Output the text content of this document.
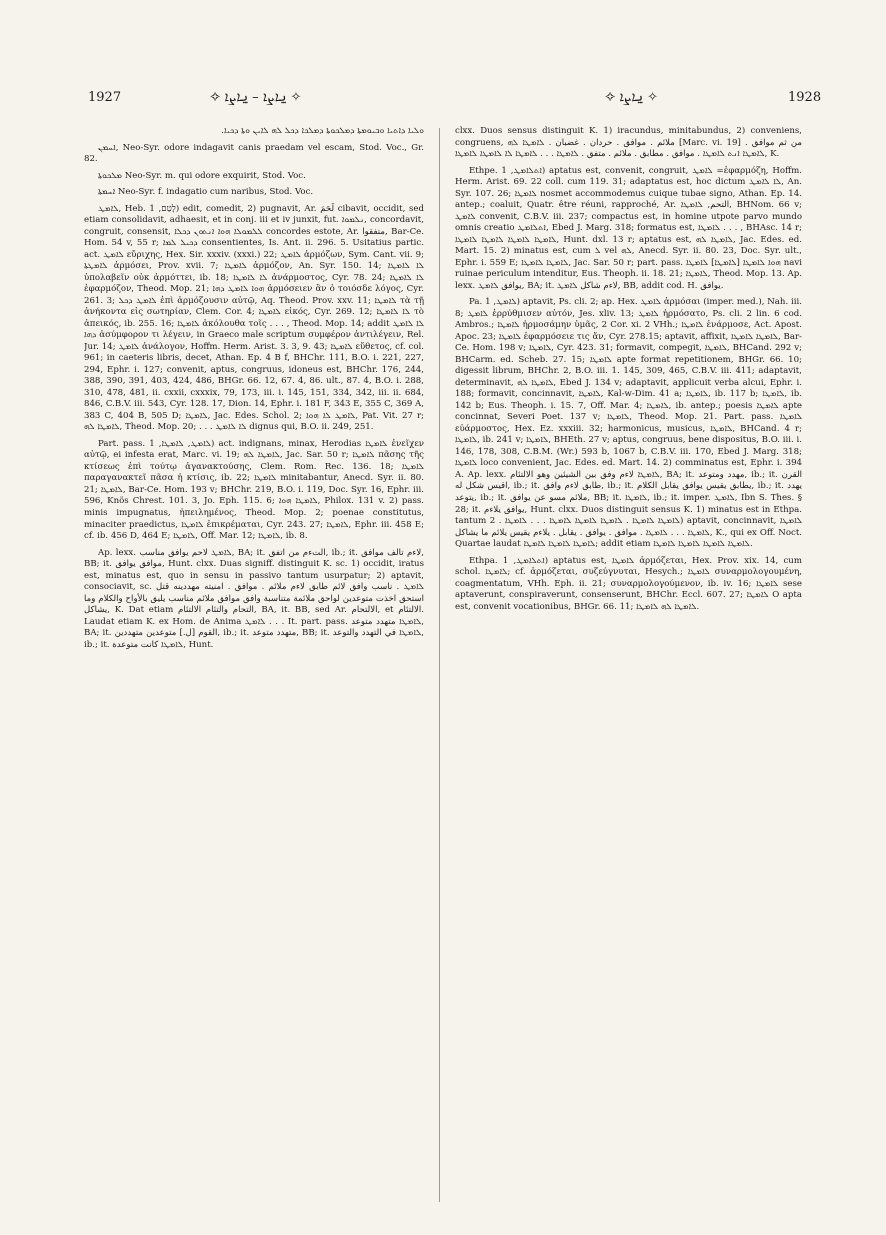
1927	✧ ݐܐܨܐ – ݐܐܨܐ ✧	✧ ݐܐܨܐ ✧	1928

ܘܠܝܐ ܕܐܬܝܐ ܘܒܝܘܡܬܐ ܕܡܠܟܘܬܐ ܕܡܠܟܐ ܕܟܠ ܠܗ ܠܐܝܢ ܘܬܐ ܕܟܝܐ.

ܐܚܡܢ, Neo-Syr. odore indagavit canis praedam vel escam, Stod. Voc., Gr. 82.

ܡܠܟܘܬܐ Neo-Syr. m. qui odore exquirit, Stod. Voc.

ܐܚܡܬܐ Neo-Syr. f. indagatio cum naribus, Stod. Voc.

ܠܐܡܛ, Heb. לָטַם, 1) edit, comedit, 2) pugnavit, Ar. لَحَمَ cibavit, occidit, sed etiam consolidavit, adhaesit, et in conj. iii et iv junxit, fut. ܢܠܡܘܐ, concordavit, congruit, consensit, ܠܠܡܘܠܐ ܗܘܐ ܐܢܬܘܢ ܕܟܠܐ concordes estote, Ar. متفقوا, Bar-Ce. Hom. 54 v, 55 r; ܕܟܝܠ ܠܡܐ consentientes, Is. Ant. ii. 296. 5. Usitatius partic. act. ܠܐܡܛ εὔριχης, Hex. Sir. xxxiv. (xxxi.) 22; ܠܐܡܛ ἁρμόζων, Sym. Cant. vii. 9; ܠܐܡܛܬܐ ἁρμόσει, Prov. xvii. 7; ܠܐܡܛܐ ἁρμόζον, An. Syr. 150. 14; ܠܐ ܠܐܡܛܐ ὑπολαβεῖν οὐκ ἁρμόττει, ib. 18; ܠܐ ܠܐܡܛܐ ἀνάρμοστος, Cyr. 78. 24; ܠܐ ܠܐܡܛܐ ἐφαρμόζον, Theod. Mop. 21; ܗܘܐ ܠܐܡܛ ܕܗܐ ἁρμόσειεν ἂν ὁ τοιόσδε λόγος, Cyr. 261. 3; ܠܐܡܛ ܕܟܠ ἐπὶ ἁρμόζουσιν αὐτῷ, Aq. Theod. Prov. xxv. 11; ܠܐܡܛܐ τὰ τῇ ἀνήκοντα εἰς σωτηρίαν, Clem. Cor. 4; ܠܐܡܛܐ εἰκός, Cyr. 269. 12; ܠܐ ܠܐܡܛܐ τὸ ἀπεικός, ib. 255. 16; ܠܐܡܛܐ ἀκόλουθα τοῖς . . . , Theod. Mop. 14; addit ܠܐ ܠܐܡܛ ܕܗܐ ἀσύμφορον τι λέγειν, in Graeco male scriptum συμφέρον ἀντιλέγειν, Rel. Jur. 14; ܠܐܡܛ ἀνάλογον, Hoffm. Herm. Arist. 3. 3, 9. 43; ܠܐܡܛܐ εὔθετος, cf. col. 961; in caeteris libris, decet, Athan. Ep. 4 B f, BHChr. 111, B.O. i. 221, 227, 294, Ephr. i. 127; convenit, aptus, congruus, idoneus est, BHChr. 176, 244, 388, 390, 391, 403, 424, 486, BHGr. 66. 12, 67. 4, 86. ult., 87. 4, B.O. i. 288, 310, 478, 481, ii. cxxii, cxxxix, 79, 173, iii. i. 145, 151, 334, 342, iii. ii. 684, 846, C.B.V. iii. 543, Cyr. 128. 17, Dion. 14, Ephr. i. 181 F, 343 E, 355 C, 369 A, 383 C, 404 B, 505 D; ܠܐܡܛܐ, Jac. Edes. Schol. 2; ܠܐܡܛ ܠܐ ܗܘܐ, Pat. Vit. 27 r; ܠܐܡܛܐ ܠܗ, Theod. Mop. 20; . . . ܠܐ ܠܐܡܛ dignus qui, B.O. ii. 249, 251.

Part. pass. ܠܐܡܛ, ܠܐܡܛܐ, 1) act. indignans, minax, Herodias ܠܐܡܛܐ ἐνεῖχεν αὐτῷ, ei infesta erat, Marc. vi. 19; ܠܐܡܛܐ ܠܗ, Jac. Sar. 50 r; ܠܐܡܛܐ πᾶσης τῆς κτίσεως ἐπὶ τούτῳ ἀγανακτούσης, Clem. Rom. Rec. 136. 18; ܠܐܡܛܐ παραγανακτεῖ πᾶσα ἡ κτίσις, ib. 22; ܠܐܡܛܐ minitabantur, Anecd. Syr. ii. 80. 21; ܠܐܡܛܐ, Bar-Ce. Hom. 193 v; BHChr. 219, B.O. i. 119, Doc. Syr. 16, Ephr. iii. 596, Knös Chrest. 101. 3, Jo. Eph. 115. 6; ܠܐܡܛܐ ܗܘܐ, Philox. 131 v. 2) pass. minis impugnatus, ἠπειλημένος, Theod. Mop. 2; poenae constitutus, minaciter praedictus, ܠܐܡܛܐ ἐπικρέμαται, Cyr. 243. 27; ܠܐܡܛܐ, Ephr. iii. 458 E; cf. ib. 456 D, 464 E; ܠܐܡܛܐ, Off. Mar. 12; ܠܐܡܛܐ, ib. 8.

Ap. lexx. ܠܐܡܛ لاحم يوافق مناسب, BA; it. التءم من اتفق, ib.; it. لاءم تالف موافق, BB; it. موافق يوافق, Hunt. clxx. Duas signiff. distinguit K. sc. 1) occidit, iratus est, minatus est, quo in sensu in passivo tantum usurpatur; 2) aptavit, consociavit, sc. ܠܐܡܛ . ناسب وافق لائم طابق لاءم ملائم . موافق . امنيته مهددينه قتل استحق اخذت متوعدين لواحق ملائمة متناسبة وافق موافق ملائم مناسب يليق بالأواح والكلام وما يشاكل, K. Dat etiam التحام والتئام الالتئام, BA, it. BB, sed Ar. الالتحام, et الالتئام. Laudat etiam K. ex Hom. de Anima ܠܐܡܛ . . . It. part. pass. ܠܐܡܛܐ متهدد متوعد, BA; it. القوم [ل.] متوعدين متهددين, ib.; it. متهدد متوعد, BB; it. ܠܐܡܛܐ في التهدد والتوعد, ib.; it. ܠܐܡܛܐ كانت متوعدة, Hunt.

clxx. Duos sensus distinguit K. 1) iracundus, minitabundus, 2) conveniens, congruens, ملائم . موافق . حردان . غضبان . ܠܐܡܛܐ ܠܗ [Marc. vi. 19] من ثم موافق . ܠܐܡܛܐ ܐܢܬ ܠܐܡܛܐ . موافق . مطابق . ملائم . متفق . ܠܐܡܛܐ . . . ܠܐܡܛܐ ܠܐ ܠܐܡܛܐ ܠܐܡܛܐ, K.

Ethpe. ܐܬܠܐܡܛ, 1) aptatus est, convenit, congruit, ܠܐܡܛ =ἐφαρμόζη, Hoffm. Herm. Arist. 69. 22 coll. cum 119. 31; adaptatus est, hoc dictum ܠܐ ܠܐܡܛ, An. Syr. 107. 26; ܠܐܡܛܐ nosmet accommodemus cuique tubae signo, Athan. Ep. 14. antep.; coaluit, Quatr. être réuni, rapproché, Ar. التحم, ܠܐܡܛܐ, BHNom. 66 v; ܠܐܡܛ convenit, C.B.V. iii. 237; compactus est, in homine utpote parvo mundo omnis creatio ܐܬܠܐܡܛ, Ebed J. Marg. 318; formatus est, ܠܐܡܛܐ . . . , BHAsc. 14 r; ܠܐܡܛܐ ܠܐܡܛܐ ܠܐܡܛܐ ܠܐܡܛܐ, Hunt. dxl. 13 r; aptatus est, ܠܐܡܛܐ ܠܗ, Jac. Edes. ed. Mart. 15. 2) minatus est, cum ܠ vel ܠܗ, Anecd. Syr. ii. 80. 23, Doc. Syr. ult., Ephr. i. 559 E; ܠܐܡܛܐ ܠܐܡܛܐ, Jac. Sar. 50 r; part. pass. ܗܘܐ ܠܐܡܛܐ [ܠܐܡܛܐ] ܠܐܡܛܐ navi ruinae periculum intenditur, Eus. Theoph. ii. 18. 21; ܠܐܡܛܐ, Theod. Mop. 13. Ap. lexx. يوافق ܠܐܡܛ, BA; it. لاءم شاكل ܠܐܡܛ, BB, addit cod. H. يوافق.

Pa. ܠܐܡܛ, 1) aptavit, Ps. cli. 2; ap. Hex. ܠܐܡܛ ἁρμόσαι (imper. med.), Nah. iii. 8; ܠܐܡܛ ἐρρύθμισεν αὐτόν, Jes. xliv. 13; ܠܐܡܛ ἡρμόσατο, Ps. cli. 2 lin. 6 cod. Ambros.; ܠܐܡܛܐ ἡρμοσάμην ὑμᾶς, 2 Cor. xi. 2 VHh.; ܠܐܡܛܐ ἐνάρμοσε, Act. Apost. Apoc. 23; ܠܐܡܛܐ ἐφαρμόσειε τις ἄν, Cyr. 278.15; aptavit, affixit, ܠܐܡܛܐ ܠܐܡܛܐ, Bar-Ce. Hom. 198 v; ܠܐܡܛܐ, Cyr. 423. 31; formavit, compegit, ܠܐܡܛܐ, BHCand. 292 v; BHCarm. ed. Scheb. 27. 15; ܠܐܡܛܐ apte format repetitionem, BHGr. 66. 10; digessit librum, BHChr. 2, B.O. iii. 1. 145, 309, 465, C.B.V. iii. 411; adaptavit, determinavit, ܠܐܡܛܐ ܠܗ, Ebed J. 134 v; adaptavit, applicuit verba alcui, Ephr. i. 188; formavit, concinnavit, ܠܐܡܛܐ, Kal-w-Dim. 41 a; ܠܐܡܛܐ, ib. 117 b; ܠܐܡܛܐ, ib. 142 b; Eus. Theoph. i. 15. 7, Off. Mar. 4; ܠܐܡܛܐ, ib. antep.; poesis ܠܐܡܛܐ apte concinnat, Severi Poet. 137 v; ܠܐܡܛܐ, Theod. Mop. 21. Part. pass. ܠܐܡܛܐ εὐάρμοστος, Hex. Ez. xxxiii. 32; harmonicus, musicus, ܠܐܡܛܐ, BHCand. 4 r; ܠܐܡܛܐ, ib. 241 v; ܠܐܡܛܐ, BHEth. 27 v; aptus, congruus, bene dispositus, B.O. iii. i. 146, 178, 308, C.B.M. (Wr.) 593 b, 1067 b, C.B.V. iii. 170, Ebed J. Marg. 318; ܠܐܡܛܐ loco convenient, Jac. Edes. ed. Mart. 14. 2) comminatus est, Ephr. i. 394 A. Ap. lexx. ܠܐܡܛܐ لاءم وفق بين الشيئين وهو الالتئام, BA; it. مهدد ومتوعد, ib.; it. القرن اقيس شكل له, ib.; it. طابق لاءم وافق, ib.; it. يطابق يقيس يوافق يقابل الكلام, ib.; it. يهدد يتوعد, ib.; it. ملائم مسو عن يوافق, BB; it. ܠܐܡܛܐ, ib.; it. imper. ܠܐܡܛ, Ibn S. Thes. § 28; it. يوافق يلاءم, Hunt. clxx. Duos distinguit sensus K. 1) minatus est in Ethpa. tantum ܠܐܡܛܐ ܠܐܡܛܐ . ܠܐܡܛܐ ܠܐܡܛܐ ܠܐܡܛܐ . . . ܠܐܡܛܐ . 2) aptavit, concinnavit, ܠܐܡܛܐ ܠܐܡܛܐ . . . ܠܐܡܛܐ . موافق . يوافق . يقابل . يلاءم يقيس يلائم ما يشاكل, K., qui ex Off. Noct. Quartae laudat ܠܐܡܛܐ ܠܐܡܛܐ ܠܐܡܛܐ; addit etiam ܠܐܡܛܐ ܠܐܡܛܐ ܠܐܡܛܐ ܠܐܡܛܐ.

Ethpa. ܐܬܠܐܡܛ, 1) aptatus est, ܠܐܡܛܐ ἁρμόζεται, Hex. Prov. xix. 14, cum schol. ܠܐܡܛܐ; cf. ἁρμόζεται, συζεύγνυται, Hesych.; ܠܐܡܛܐ συναρμολογουμένη, coagmentatum, VHh. Eph. ii. 21; συναρμολογούμενον, ib. iv. 16; ܠܐܡܛܐ sese aptaverunt, conspiraverunt, consenserunt, BHChr. Eccl. 607. 27; ܠܐܡܛܐ O apta est, convenit vocationibus, BHGr. 66. 11; ܠܐܡܛܐ ܠܗ ܠܐܡܛܐ.
